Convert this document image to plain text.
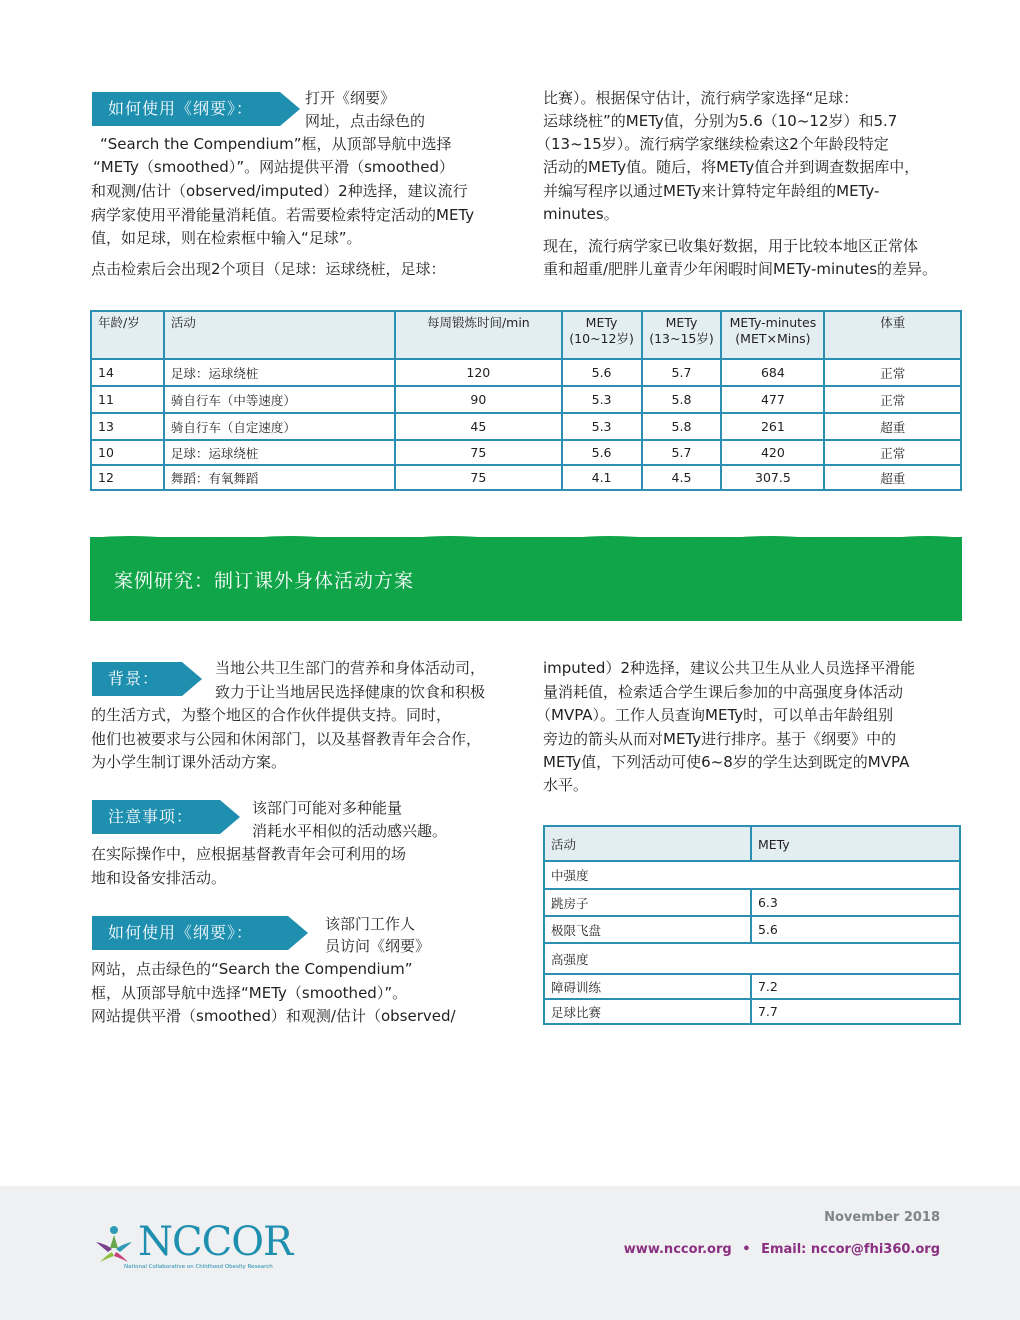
如何使用《纲要》：
打开《纲要》
网址，点击绿色的
“Search the Compendium”框，从顶部导航中选择
“METy（smoothed）”。网站提供平滑（smoothed）
和观测/估计（observed/imputed）2种选择，建议流行
病学家使用平滑能量消耗值。若需要检索特定活动的METy
值，如足球，则在检索框中输入“足球”。
点击检索后会出现2个项目（足球：运球绕桩，足球：
比赛）。根据保守估计，流行病学家选择“足球：
运球绕桩”的METy值，分别为5.6（10~12岁）和5.7
（13~15岁）。流行病学家继续检索这2个年龄段特定
活动的METy值。随后，将METy值合并到调查数据库中，
并编写程序以通过METy来计算特定年龄组的METy-
minutes。
现在，流行病学家已收集好数据，用于比较本地区正常体
重和超重/肥胖儿童青少年闲暇时间METy-minutes的差异。
年龄/岁	活动	每周锻炼时间/min	METy
(10~12岁)	METy
(13~15岁)	METy-minutes
(MET×Mins)	体重
14	足球：运球绕桩	120	5.6	5.7	684	正常
11	骑自行车（中等速度）	90	5.3	5.8	477	正常
13	骑自行车（自定速度）	45	5.3	5.8	261	超重
10	足球：运球绕桩	75	5.6	5.7	420	正常
12	舞蹈：有氧舞蹈	75	4.1	4.5	307.5	超重
案例研究：制订课外身体活动方案
背景：
当地公共卫生部门的营养和身体活动司，
致力于让当地居民选择健康的饮食和积极
的生活方式，为整个地区的合作伙伴提供支持。同时，
他们也被要求与公园和休闲部门，以及基督教青年会合作，
为小学生制订课外活动方案。
注意事项：	该部门可能对多种能量
消耗水平相似的活动感兴趣。
在实际操作中，应根据基督教青年会可利用的场
地和设备安排活动。
如何使用《纲要》：	该部门工作人
员访问《纲要》
网站，点击绿色的“Search the Compendium”
框，从顶部导航中选择“METy（smoothed）”。
网站提供平滑（smoothed）和观测/估计（observed/
imputed）2种选择，建议公共卫生从业人员选择平滑能
量消耗值，检索适合学生课后参加的中高强度身体活动
（MVPA）。工作人员查询METy时，可以单击年龄组别
旁边的箭头从而对METy进行排序。基于《纲要》中的
METy值，下列活动可使6~8岁的学生达到既定的MVPA
水平。
活动	METy
中强度	
跳房子	6.3
极限飞盘	5.6
高强度	
障碍训练	7.2
足球比赛	7.7
NCCOR
National Collaborative on Childhood Obesity Research
November 2018
www.nccor.org • Email: nccor@fhi360.org
